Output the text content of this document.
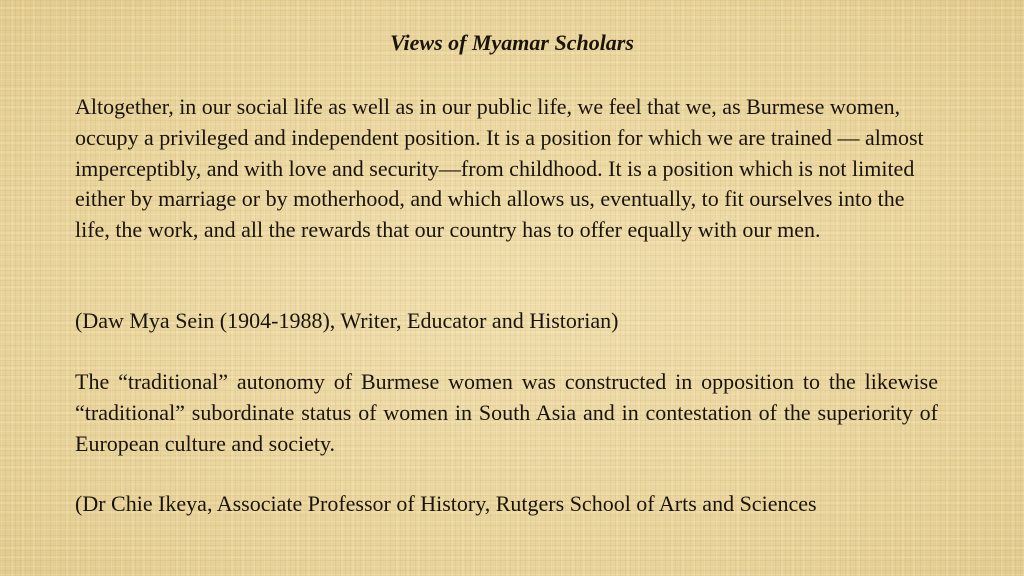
Views of Myamar Scholars

Altogether, in our social life as well as in our public life, we feel that we, as Burmese women, occupy a privileged and independent position. It is a position for which we are trained — almost imperceptibly, and with love and security—from childhood. It is a position which is not limited either by marriage or by motherhood, and which allows us, eventually, to fit ourselves into the life, the work, and all the rewards that our country has to offer equally with our men.

(Daw Mya Sein (1904-1988), Writer, Educator and Historian)

The “traditional” autonomy of Burmese women was constructed in opposition to the likewise “traditional” subordinate status of women in South Asia and in contestation of the superiority of European culture and society.

(Dr Chie Ikeya, Associate Professor of History, Rutgers School of Arts and Sciences
